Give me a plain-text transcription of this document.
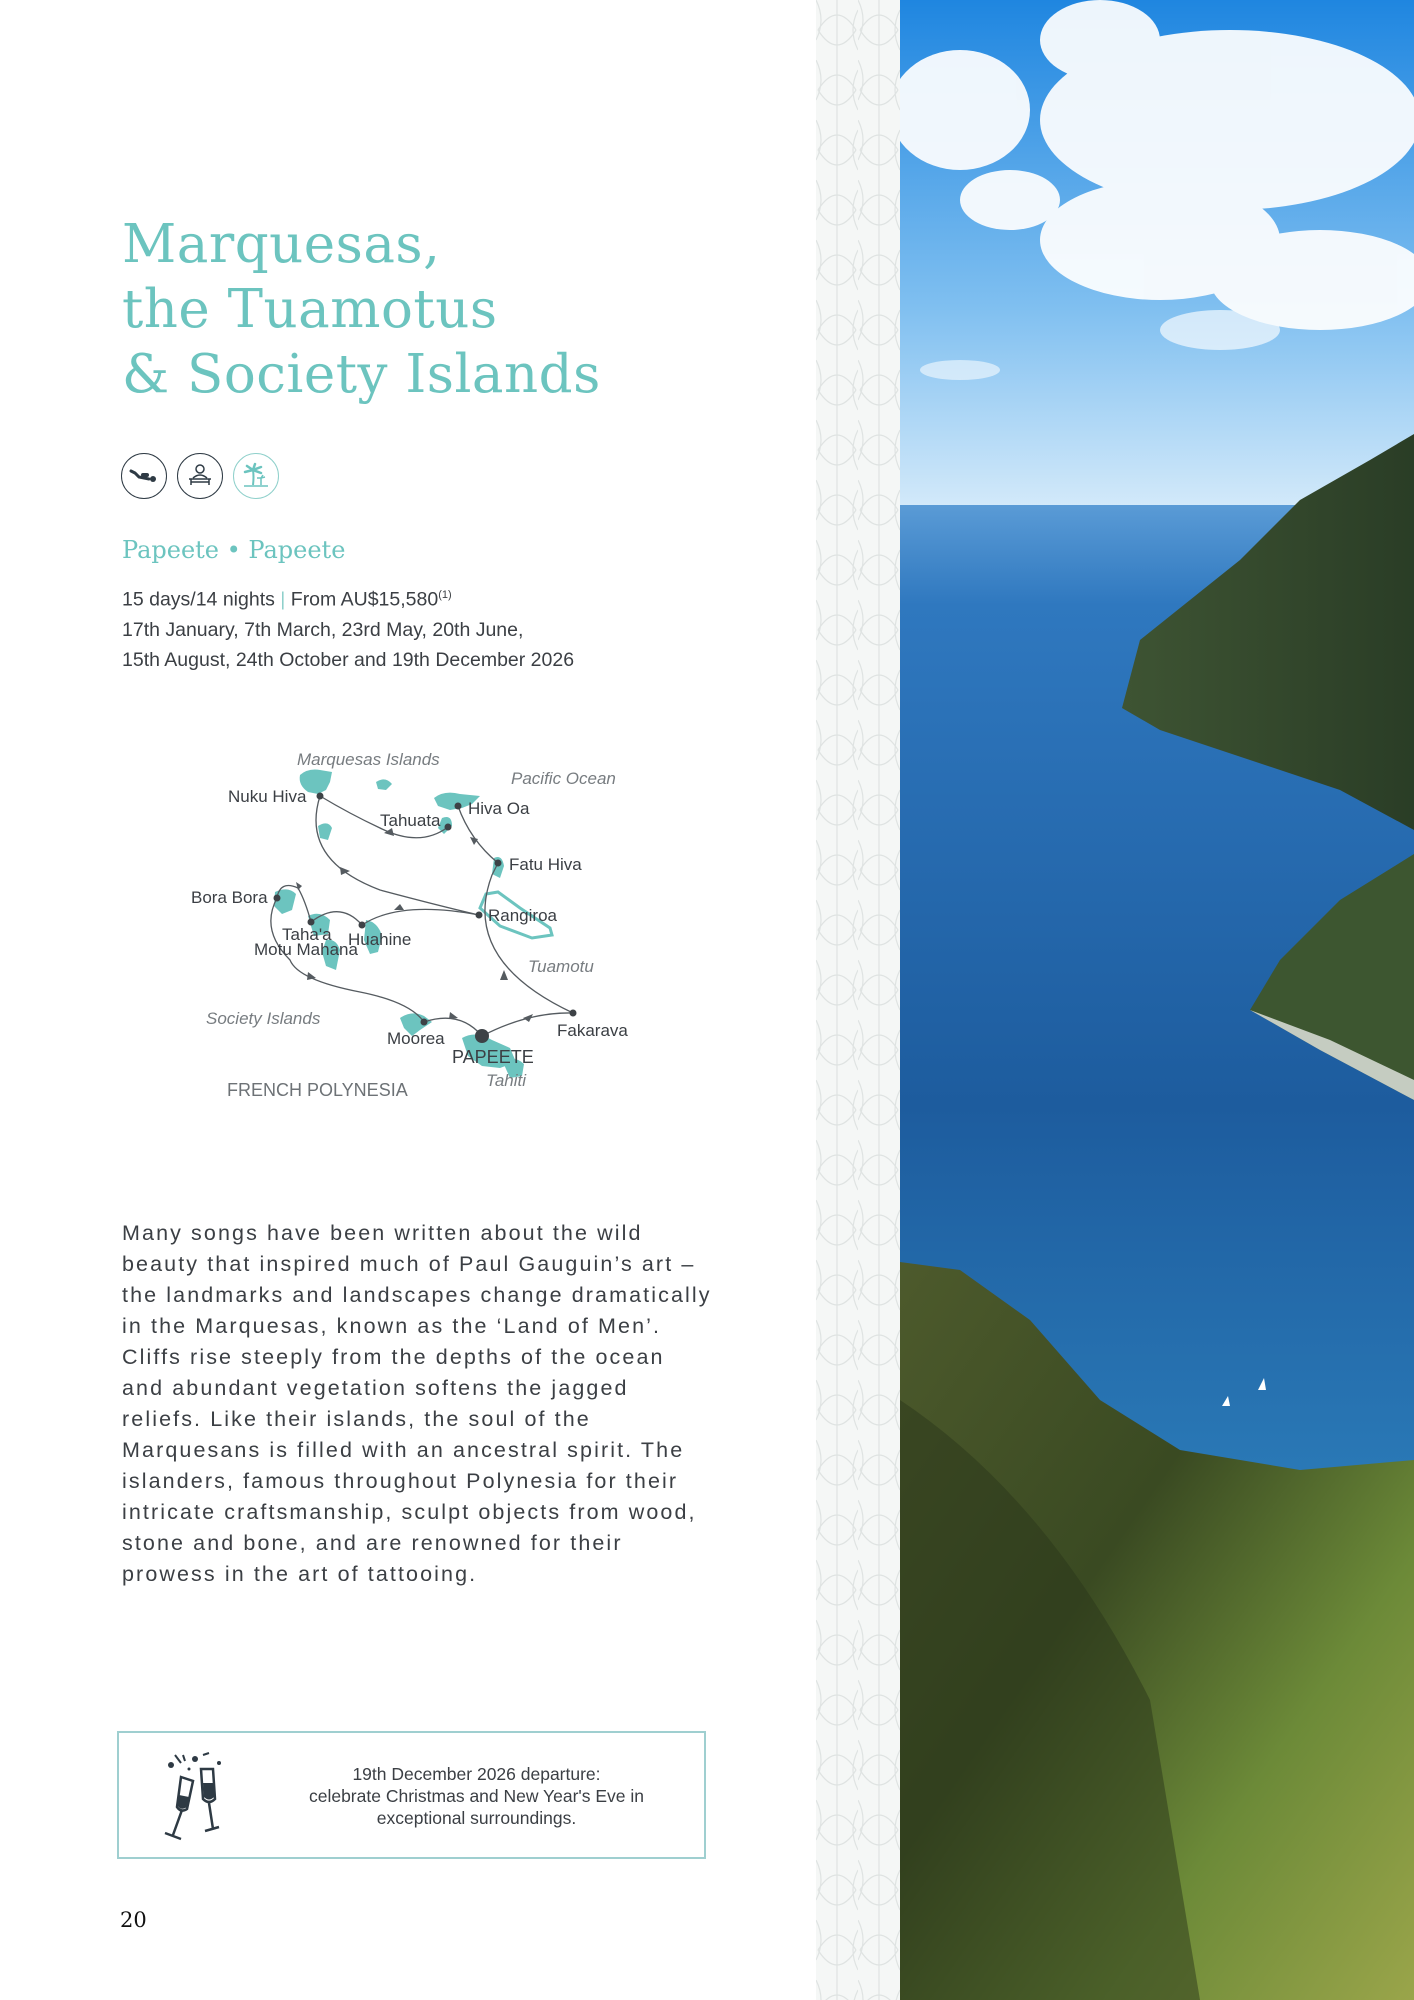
Marquesas,
the Tuamotus
& Society Islands
Papeete • Papeete
15 days/14 nights | From AU$15,580$^{(1)}$
17th January, 7th March, 23rd May, 20th June,
15th August, 24th October and 19th December 2026
Nuku Hiva
Tahuata
Hiva Oa
Fatu Hiva
Rangiroa
Bora Bora
Taha'a Huahine
Motu Mahana
Moorea
PAPEETE
Fakarava
Marquesas Islands
Pacific Ocean
Tuamotu
Society Islands
Tahiti
FRENCH POLYNESIA

Many songs have been written about the wild beauty that inspired much of Paul Gauguin’s art – the landmarks and landscapes change dramatically in the Marquesas, known as the ‘Land of Men’. Cliffs rise steeply from the depths of the ocean and abundant vegetation softens the jagged reliefs. Like their islands, the soul of the Marquesans is filled with an ancestral spirit. The islanders, famous throughout Polynesia for their intricate craftsmanship, sculpt objects from wood, stone and bone, and are renowned for their prowess in the art of tattooing.

19th December 2026 departure:
celebrate Christmas and New Year's Eve in
exceptional surroundings.
20
